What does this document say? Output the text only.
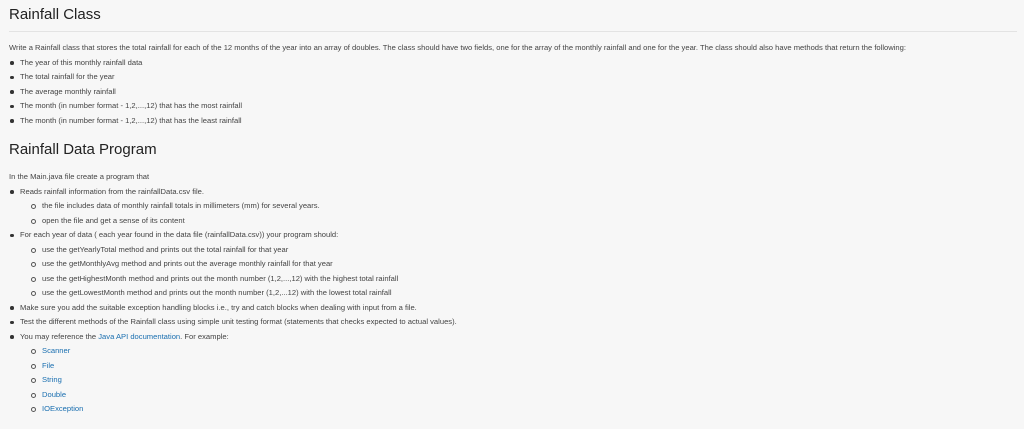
Rainfall Class

Write a Rainfall class that stores the total rainfall for each of the 12 months of the year into an array of doubles. The class should have two fields, one for the array of the monthly rainfall and one for the year. The class should also have methods that return the following:

The year of this monthly rainfall data
The total rainfall for the year
The average monthly rainfall
The month (in number format - 1,2,...,12) that has the most rainfall
The month (in number format - 1,2,...,12) that has the least rainfall
Rainfall Data Program

In the Main.java file create a program that

Reads rainfall information from the rainfallData.csv file.
the file includes data of monthly rainfall totals in millimeters (mm) for several years.
open the file and get a sense of its content
For each year of data ( each year found in the data file (rainfallData.csv)) your program should:
use the getYearlyTotal method and prints out the total rainfall for that year
use the getMonthlyAvg method and prints out the average monthly rainfall for that year
use the getHighestMonth method and prints out the month number (1,2,...,12) with the highest total rainfall
use the getLowestMonth method and prints out the month number (1,2,...12) with the lowest total rainfall
Make sure you add the suitable exception handling blocks i.e., try and catch blocks when dealing with input from a file.
Test the different methods of the Rainfall class using simple unit testing format (statements that checks expected to actual values).
You may reference the Java API documentation. For example:
Scanner
File
String
Double
IOException
